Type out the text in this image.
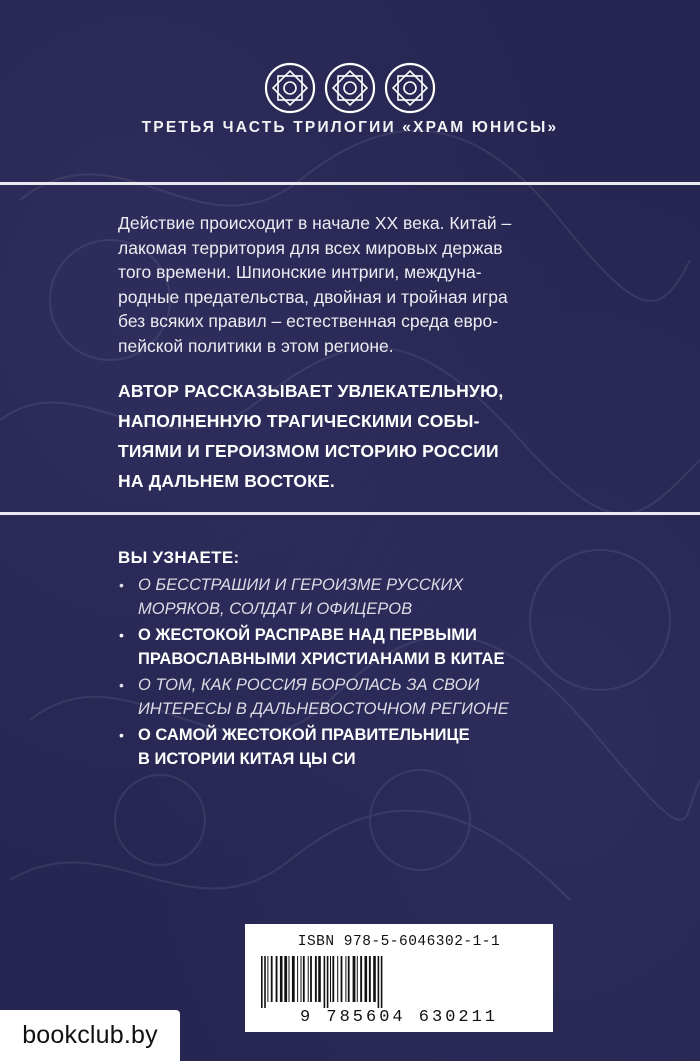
ТРЕТЬЯ ЧАСТЬ ТРИЛОГИИ «ХРАМ ЮНИСЫ»
Действие происходит в начале XX века. Китай –
лакомая территория для всех мировых держав
того времени. Шпионские интриги, междуна-
родные предательства, двойная и тройная игра
без всяких правил – естественная среда евро-
пейской политики в этом регионе.
АВТОР РАССКАЗЫВАЕТ УВЛЕКАТЕЛЬНУЮ,
НАПОЛНЕННУЮ ТРАГИЧЕСКИМИ СОБЫ-
ТИЯМИ И ГЕРОИЗМОМ ИСТОРИЮ РОССИИ
НА ДАЛЬНЕМ ВОСТОКЕ.
ВЫ УЗНАЕТЕ:
• О БЕССТРАШИИ И ГЕРОИЗМЕ РУССКИХ
МОРЯКОВ, СОЛДАТ И ОФИЦЕРОВ
• О ЖЕСТОКОЙ РАСПРАВЕ НАД ПЕРВЫМИ
ПРАВОСЛАВНЫМИ ХРИСТИАНАМИ В КИТАЕ
• О ТОМ, КАК РОССИЯ БОРОЛАСЬ ЗА СВОИ
ИНТЕРЕСЫ В ДАЛЬНЕВОСТОЧНОМ РЕГИОНЕ
• О САМОЙ ЖЕСТОКОЙ ПРАВИТЕЛЬНИЦЕ
В ИСТОРИИ КИТАЯ ЦЫ СИ
ISBN 978-5-6046302-1-1
9 785604 630211
bookclub.by
